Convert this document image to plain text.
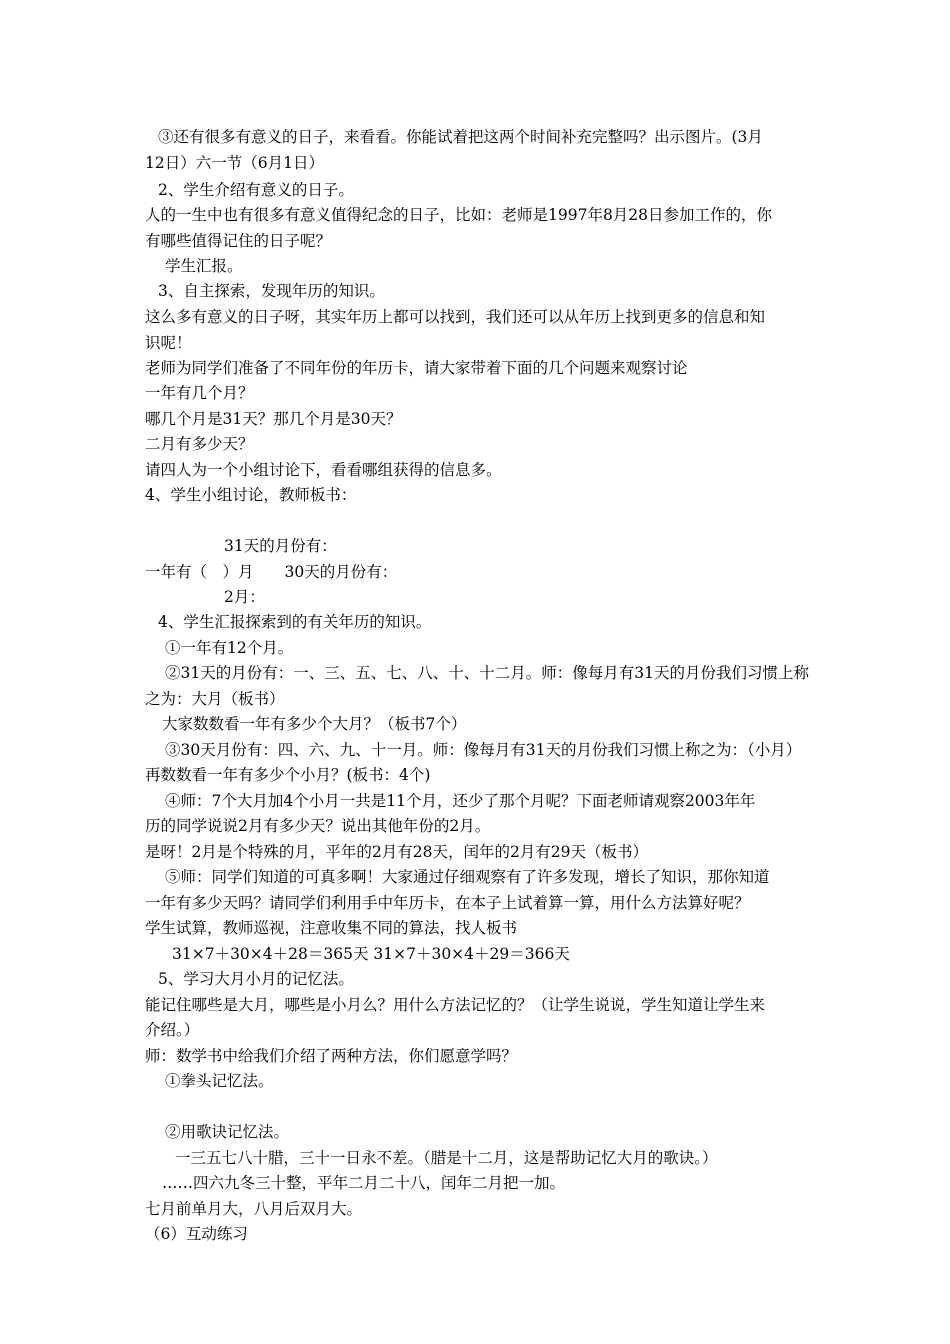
③还有很多有意义的日子，来看看。你能试着把这两个时间补充完整吗？出示图片。(3月
12日）六一节（6月1日）
2、学生介绍有意义的日子。
人的一生中也有很多有意义值得纪念的日子，比如：老师是1997年8月28日参加工作的，你
有哪些值得记住的日子呢？
学生汇报。
3、自主探索，发现年历的知识。
这么多有意义的日子呀，其实年历上都可以找到，我们还可以从年历上找到更多的信息和知
识呢！
老师为同学们准备了不同年份的年历卡，请大家带着下面的几个问题来观察讨论
一年有几个月？
哪几个月是31天？那几个月是30天？
二月有多少天？
请四人为一个小组讨论下，看看哪组获得的信息多。
4、学生小组讨论，教师板书：
31天的月份有：
一年有（　）月　　30天的月份有：
2月：
4、学生汇报探索到的有关年历的知识。
①一年有12个月。
②31天的月份有：一、三、五、七、八、十、十二月。师：像每月有31天的月份我们习惯上称
之为：大月（板书）
大家数数看一年有多少个大月？（板书7个）
③30天月份有：四、六、九、十一月。师：像每月有31天的月份我们习惯上称之为：（小月）
再数数看一年有多少个小月？(板书：4个)
④师：7个大月加4个小月一共是11个月，还少了那个月呢？下面老师请观察2003年年
历的同学说说2月有多少天？说出其他年份的2月。
是呀！2月是个特殊的月，平年的2月有28天，闰年的2月有29天（板书）
⑤师：同学们知道的可真多啊！大家通过仔细观察有了许多发现，增长了知识，那你知道
一年有多少天吗？请同学们利用手中年历卡，在本子上试着算一算，用什么方法算好呢？
学生试算，教师巡视，注意收集不同的算法，找人板书
31×7＋30×4＋28＝365天 31×7＋30×4＋29＝366天
5、学习大月小月的记忆法。
能记住哪些是大月，哪些是小月么？用什么方法记忆的？（让学生说说，学生知道让学生来
介绍。）
师：数学书中给我们介绍了两种方法，你们愿意学吗？
①拳头记忆法。
②用歌诀记忆法。
一三五七八十腊，三十一日永不差。（腊是十二月，这是帮助记忆大月的歌诀。）
……四六九冬三十整，平年二月二十八，闰年二月把一加。
七月前单月大，八月后双月大。
（6）互动练习
